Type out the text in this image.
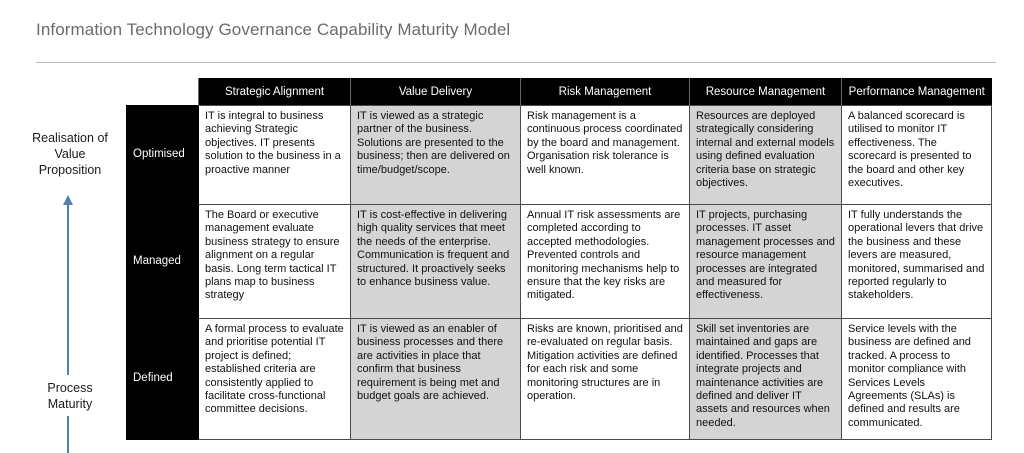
Information Technology Governance Capability Maturity Model
Realisation of Value Proposition
Process Maturity
	Strategic Alignment	Value Delivery	Risk Management	Resource Management	Performance Management
Optimised	IT is integral to business achieving Strategic objectives. IT presents solution to the business in a proactive manner	IT is viewed as a strategic partner of the business. Solutions are presented to the business; then are delivered on time/budget/scope.	Risk management is a continuous process coordinated by the board and management. Organisation risk tolerance is well known.	Resources are deployed strategically considering internal and external models using defined evaluation criteria base on strategic objectives.	A balanced scorecard is utilised to monitor IT effectiveness. The scorecard is presented to the board and other key executives.
Managed	The Board or executive management evaluate business strategy to ensure alignment on a regular basis. Long term tactical IT plans map to business strategy	IT is cost-effective in delivering high quality services that meet the needs of the enterprise. Communication is frequent and structured. It proactively seeks to enhance business value.	Annual IT risk assessments are completed according to accepted methodologies. Prevented controls and monitoring mechanisms help to ensure that the key risks are mitigated.	IT projects, purchasing processes. IT asset management processes and resource management processes are integrated and measured for effectiveness.	IT fully understands the operational levers that drive the business and these levers are measured, monitored, summarised and reported regularly to stakeholders.
Defined	A formal process to evaluate and prioritise potential IT project is defined; established criteria are consistently applied to facilitate cross-functional committee decisions.	IT is viewed as an enabler of business processes and there are activities in place that confirm that business requirement is being met and budget goals are achieved.	Risks are known, prioritised and re-evaluated on regular basis. Mitigation activities are defined for each risk and some monitoring structures are in operation.	Skill set inventories are maintained and gaps are identified. Processes that integrate projects and maintenance activities are defined and deliver IT assets and resources when needed.	Service levels with the business are defined and tracked. A process to monitor compliance with Services Levels Agreements (SLAs) is defined and results are communicated.
